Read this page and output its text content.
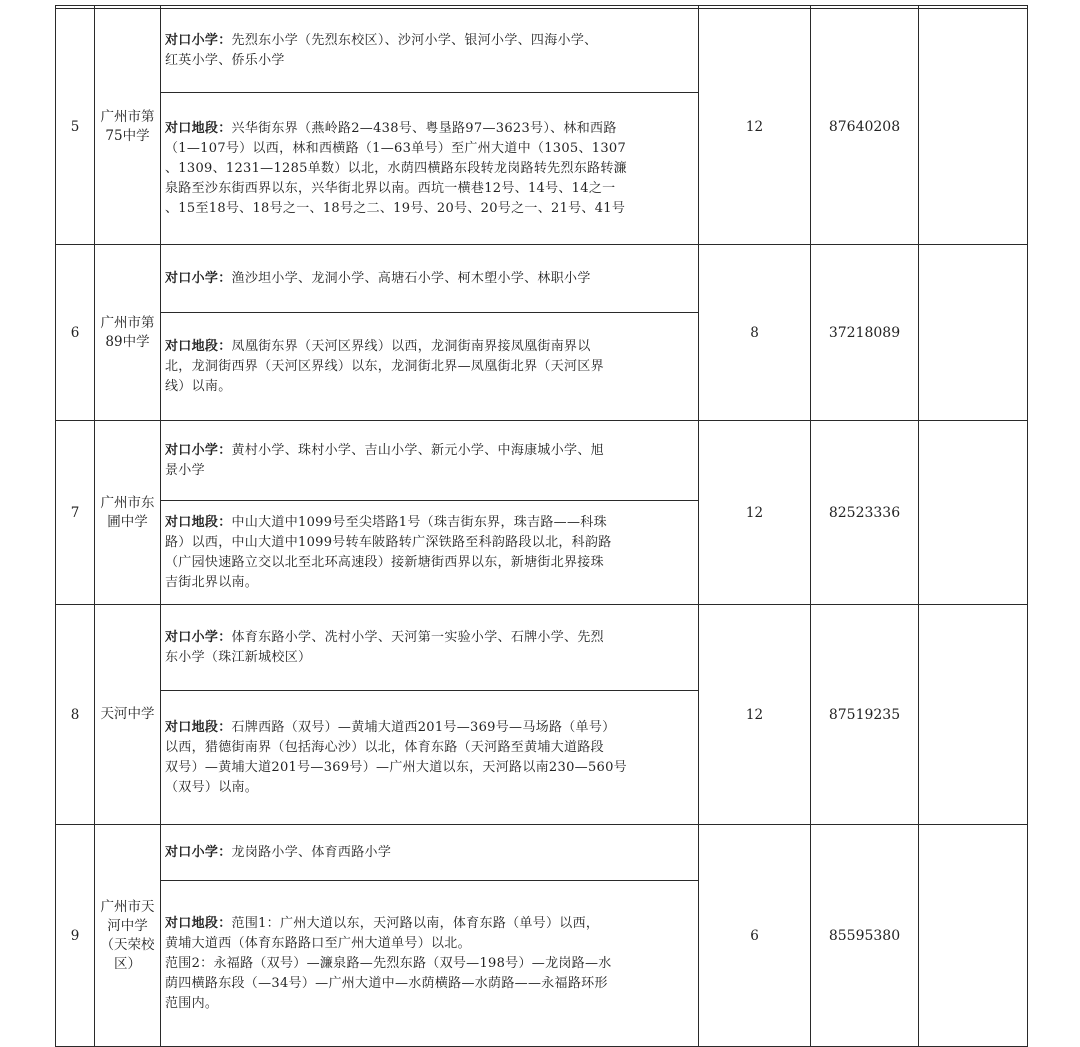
5	广州市第
75中学	对口小学：先烈东小学（先烈东校区）、沙河小学、银河小学、四海小学、
红英小学、侨乐小学	12	87640208	

		对口地段：兴华街东界（燕岭路2—438号、粤垦路97—3623号）、林和西路
（1—107号）以西，林和西横路（1—63单号）至广州大道中（1305、1307
、1309、1231—1285单数）以北，水荫四横路东段转龙岗路转先烈东路转濂
泉路至沙东街西界以东，兴华街北界以南。西坑一横巷12号、14号、14之一
、15至18号、18号之一、18号之二、19号、20号、20号之一、21号、41号			

6	广州市第
89中学	对口小学：渔沙坦小学、龙洞小学、高塘石小学、柯木塱小学、林职小学	8	37218089	

		对口地段：凤凰街东界（天河区界线）以西，龙洞街南界接凤凰街南界以
北，龙洞街西界（天河区界线）以东，龙洞街北界—凤凰街北界（天河区界
线）以南。			

7	广州市东
圃中学	对口小学：黄村小学、珠村小学、吉山小学、新元小学、中海康城小学、旭
景小学	12	82523336	

		对口地段：中山大道中1099号至尖塔路1号（珠吉街东界，珠吉路——科珠
路）以西，中山大道中1099号转车陂路转广深铁路至科韵路段以北，科韵路
（广园快速路立交以北至北环高速段）接新塘街西界以东，新塘街北界接珠
吉街北界以南。			

8	天河中学	对口小学：体育东路小学、冼村小学、天河第一实验小学、石牌小学、先烈
东小学（珠江新城校区）	12	87519235	

		对口地段：石牌西路（双号）—黄埔大道西201号—369号—马场路（单号）
以西，猎德街南界（包括海心沙）以北，体育东路（天河路至黄埔大道路段
双号）—黄埔大道201号—369号）—广州大道以东，天河路以南230—560号
（双号）以南。			

9	广州市天
河中学
（天荣校
区）	对口小学：龙岗路小学、体育西路小学	6	85595380	

		对口地段：范围1：广州大道以东，天河路以南，体育东路（单号）以西，
黄埔大道西（体育东路路口至广州大道单号）以北。
范围2：永福路（双号）—濂泉路—先烈东路（双号—198号）—龙岗路—水
荫四横路东段（—34号）—广州大道中—水荫横路—水荫路——永福路环形
范围内。			
